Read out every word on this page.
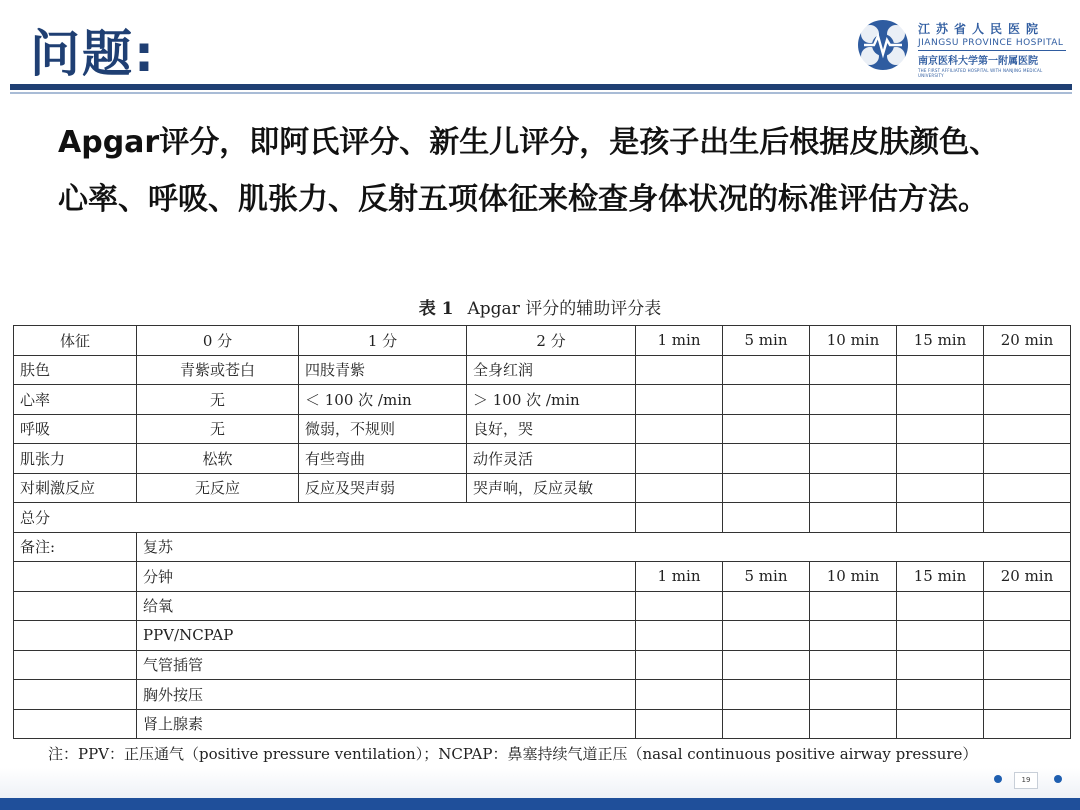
问题:	江苏省人民医院
JIANGSU PROVINCE HOSPITAL
南京医科大学第一附属医院
THE FIRST AFFILIATED HOSPITAL WITH NANJING MEDICAL UNIVERSITY
Apgar评分，即阿氏评分、新生儿评分，是孩子出生后根据皮肤颜色、心率、呼吸、肌张力、反射五项体征来检查身体状况的标准评估方法。
表 1 Apgar 评分的辅助评分表
体征	0 分	1 分	2 分	1 min	5 min	10 min	15 min	20 min
肤色	青紫或苍白	四肢青紫	全身红润					
心率	无	＜ 100 次 /min	＞ 100 次 /min					
呼吸	无	微弱，不规则	良好，哭					
肌张力	松软	有些弯曲	动作灵活					
对刺激反应	无反应	反应及哭声弱	哭声响，反应灵敏					
总分								
备注:	复苏							
	分钟			1 min	5 min	10 min	15 min	20 min
	给氧							
	PPV/NCPAP							
	气管插管							
	胸外按压							
	肾上腺素							
注：PPV：正压通气（positive pressure ventilation）；NCPAP：鼻塞持续气道正压（nasal continuous positive airway pressure）
19
